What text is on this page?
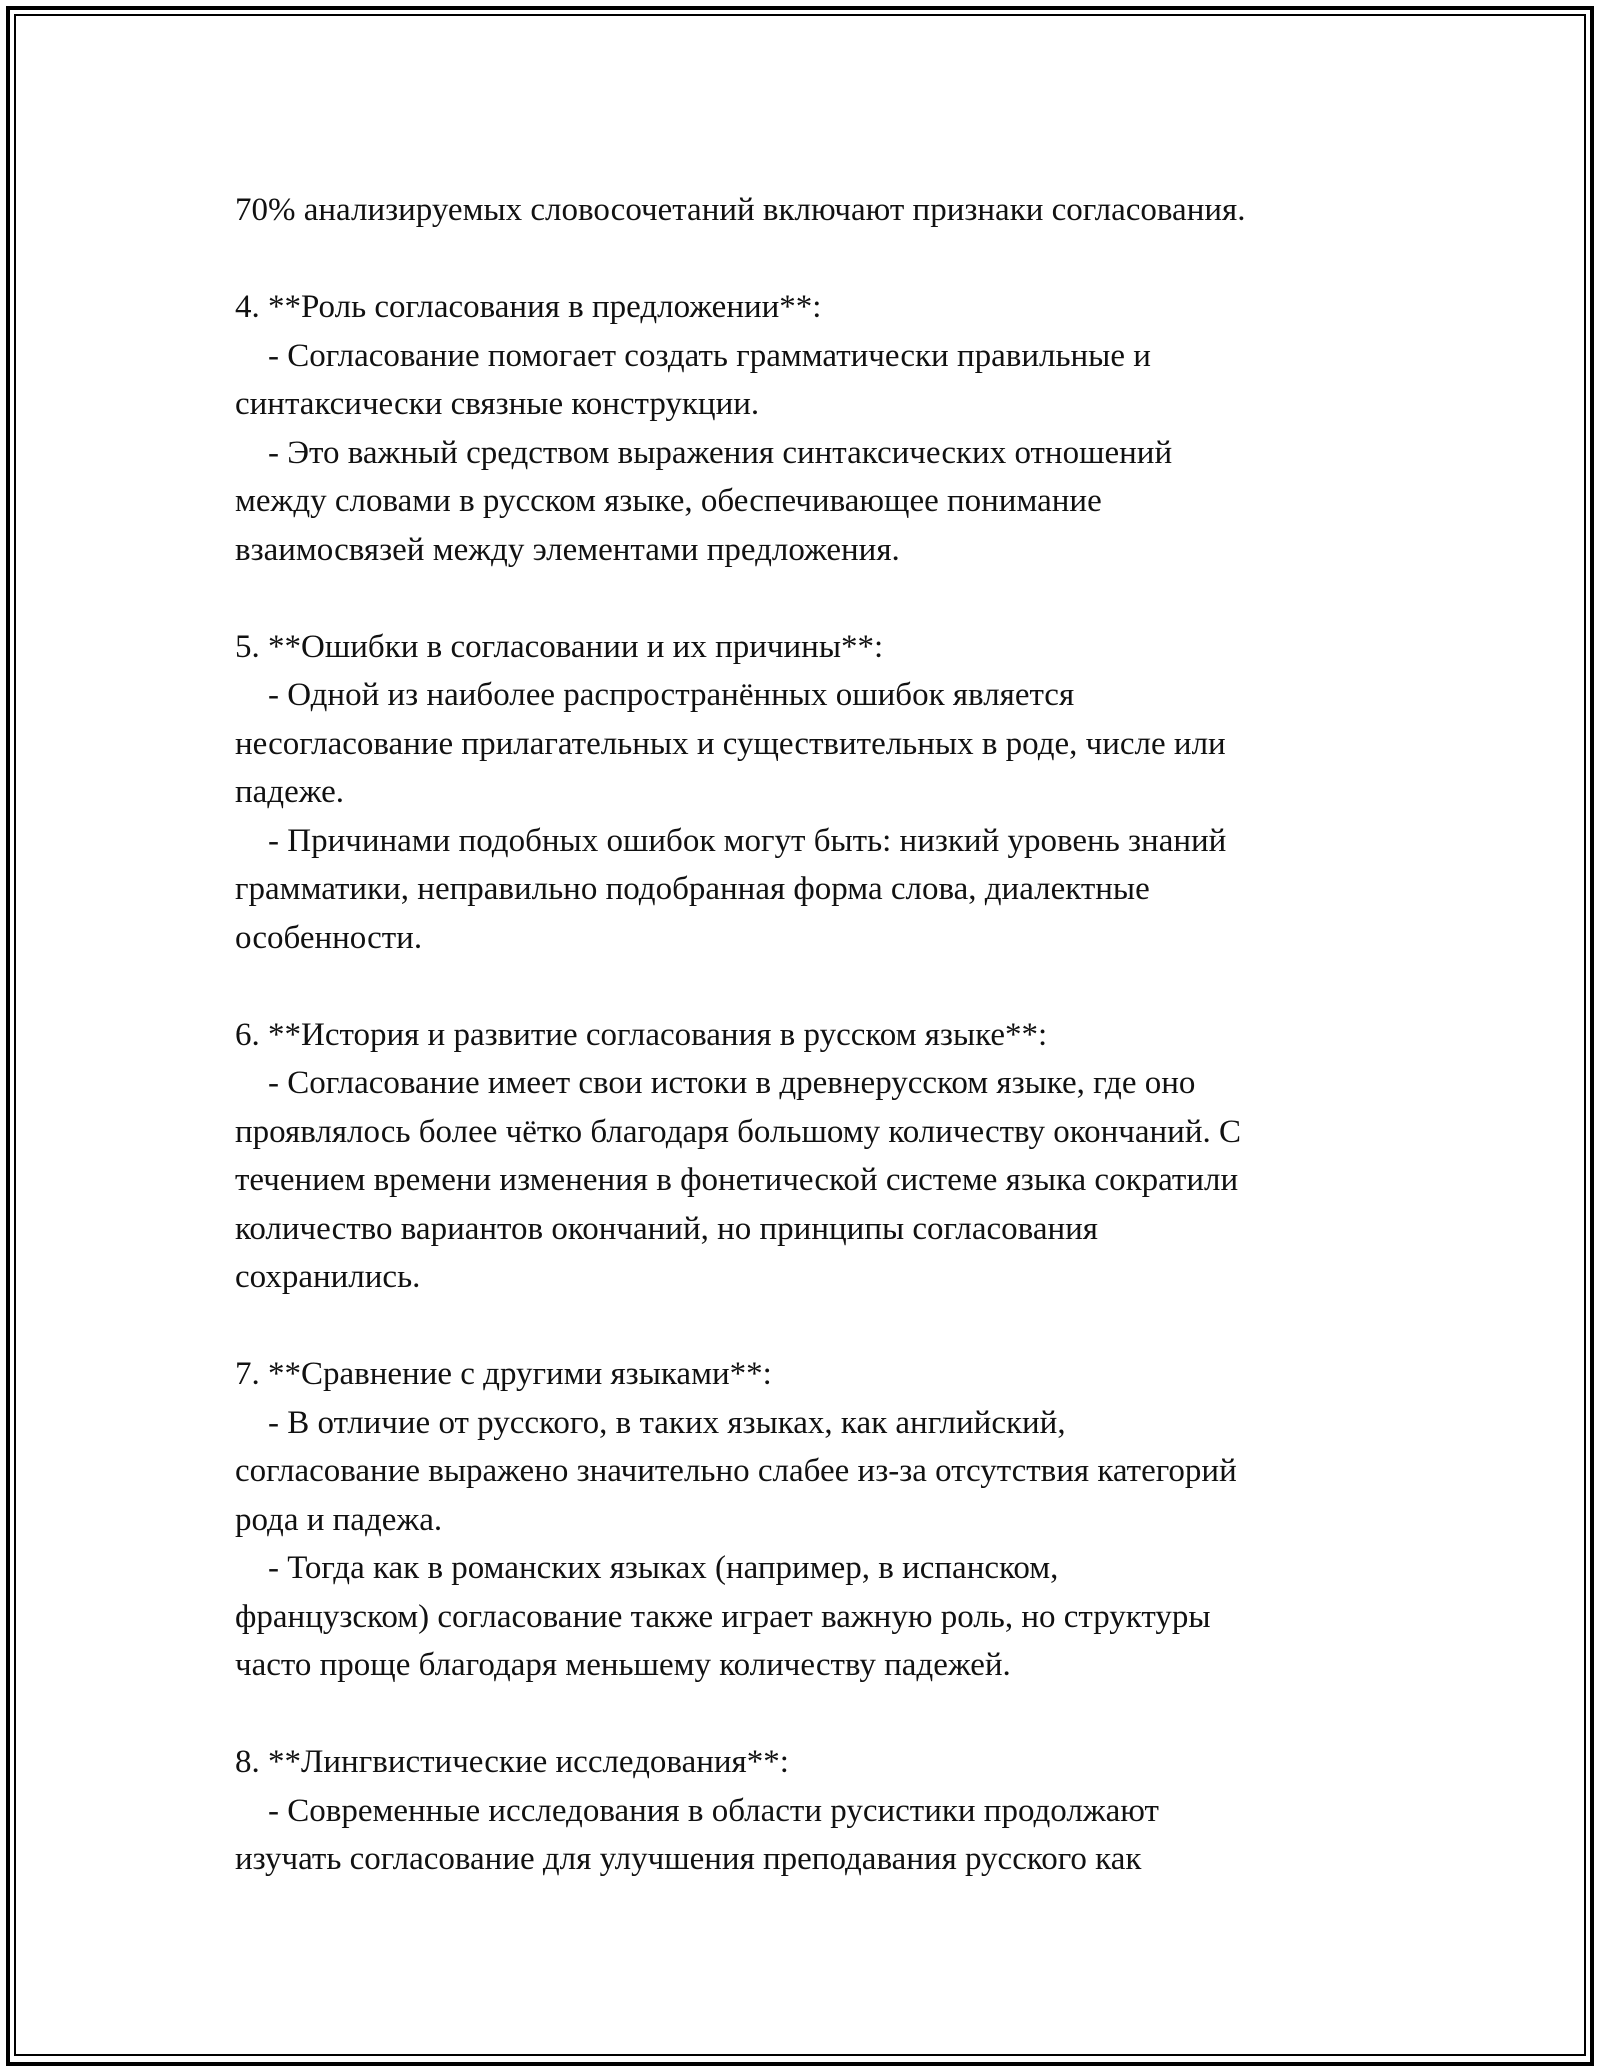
70% анализируемых словосочетаний включают признаки согласования.
4. **Роль согласования в предложении**:
- Согласование помогает создать грамматически правильные и
синтаксически связные конструкции.
- Это важный средством выражения синтаксических отношений
между словами в русском языке, обеспечивающее понимание
взаимосвязей между элементами предложения.
5. **Ошибки в согласовании и их причины**:
- Одной из наиболее распространённых ошибок является
несогласование прилагательных и существительных в роде, числе или
падеже.
- Причинами подобных ошибок могут быть: низкий уровень знаний
грамматики, неправильно подобранная форма слова, диалектные
особенности.
6. **История и развитие согласования в русском языке**:
- Согласование имеет свои истоки в древнерусском языке, где оно
проявлялось более чётко благодаря большому количеству окончаний. С
течением времени изменения в фонетической системе языка сократили
количество вариантов окончаний, но принципы согласования
сохранились.
7. **Сравнение с другими языками**:
- В отличие от русского, в таких языках, как английский,
согласование выражено значительно слабее из-за отсутствия категорий
рода и падежа.
- Тогда как в романских языках (например, в испанском,
французском) согласование также играет важную роль, но структуры
часто проще благодаря меньшему количеству падежей.
8. **Лингвистические исследования**:
- Современные исследования в области русистики продолжают
изучать согласование для улучшения преподавания русского как
